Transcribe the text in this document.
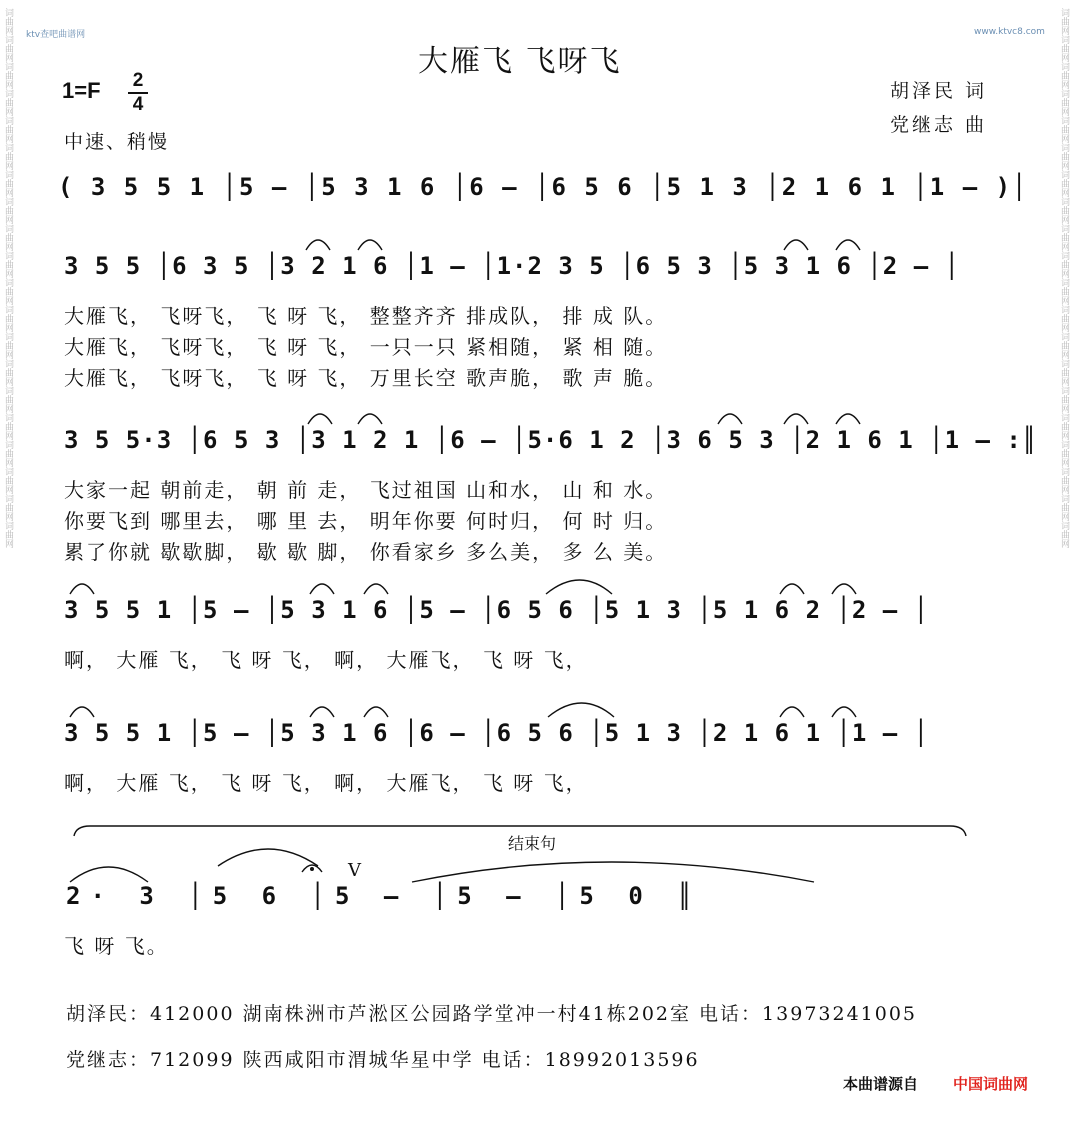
词曲网词曲网词曲网词曲网词曲网词曲网词曲网词曲网词曲网词曲网词曲网词曲网词曲网词曲网词曲网词曲网词曲网词曲网词曲网词曲网	词曲网词曲网词曲网词曲网词曲网词曲网词曲网词曲网词曲网词曲网词曲网词曲网词曲网词曲网词曲网词曲网词曲网词曲网词曲网词曲网
ktv查吧曲谱网	www.ktvc8.com
大雁飞 飞呀飞
$1=F \frac{2}{4}$
中速、稍慢
胡泽民 词
党继志 曲
( 3 5 5 1 │5 – │5 3 1 6 │6 – │6 5 6 │5 1 3 │2 1 6 1 │1 – )│
3 5 5 │6 3 5 │3 2 1 6 │1 – │1·2 3 5 │6 5 3 │5 3 1 6 │2 – │
大雁飞， 飞呀飞， 飞 呀 飞， 整整齐齐 排成队， 排 成 队。
大雁飞， 飞呀飞， 飞 呀 飞， 一只一只 紧相随， 紧 相 随。
大雁飞， 飞呀飞， 飞 呀 飞， 万里长空 歌声脆， 歌 声 脆。
3 5 5·3 │6 5 3 │3 1 2 1 │6 – │5·6 1 2 │3 6 5 3 │2 1 6 1 │1 – :║
大家一起 朝前走， 朝 前 走， 飞过祖国 山和水， 山 和 水。
你要飞到 哪里去， 哪 里 去， 明年你要 何时归， 何 时 归。
累了你就 歇歇脚， 歇 歇 脚， 你看家乡 多么美， 多 么 美。
3 5 5 1 │5 – │5 3 1 6 │5 – │6 5 6 │5 1 3 │5 1 6 2 │2 – │
啊， 大雁 飞， 飞 呀 飞， 啊， 大雁飞， 飞 呀 飞，
3 5 5 1 │5 – │5 3 1 6 │6 – │6 5 6 │5 1 3 │2 1 6 1 │1 – │
啊， 大雁 飞， 飞 呀 飞， 啊， 大雁飞， 飞 呀 飞，
结束句
V
2· 3 │5 6 │5 – │5 – │5 0 ║
飞 呀 飞。
胡泽民：412000 湖南株洲市芦淞区公园路学堂冲一村41栋202室 电话：13973241005
党继志：712099 陕西咸阳市渭城华星中学 电话：18992013596
本曲谱源自 中国词曲网
